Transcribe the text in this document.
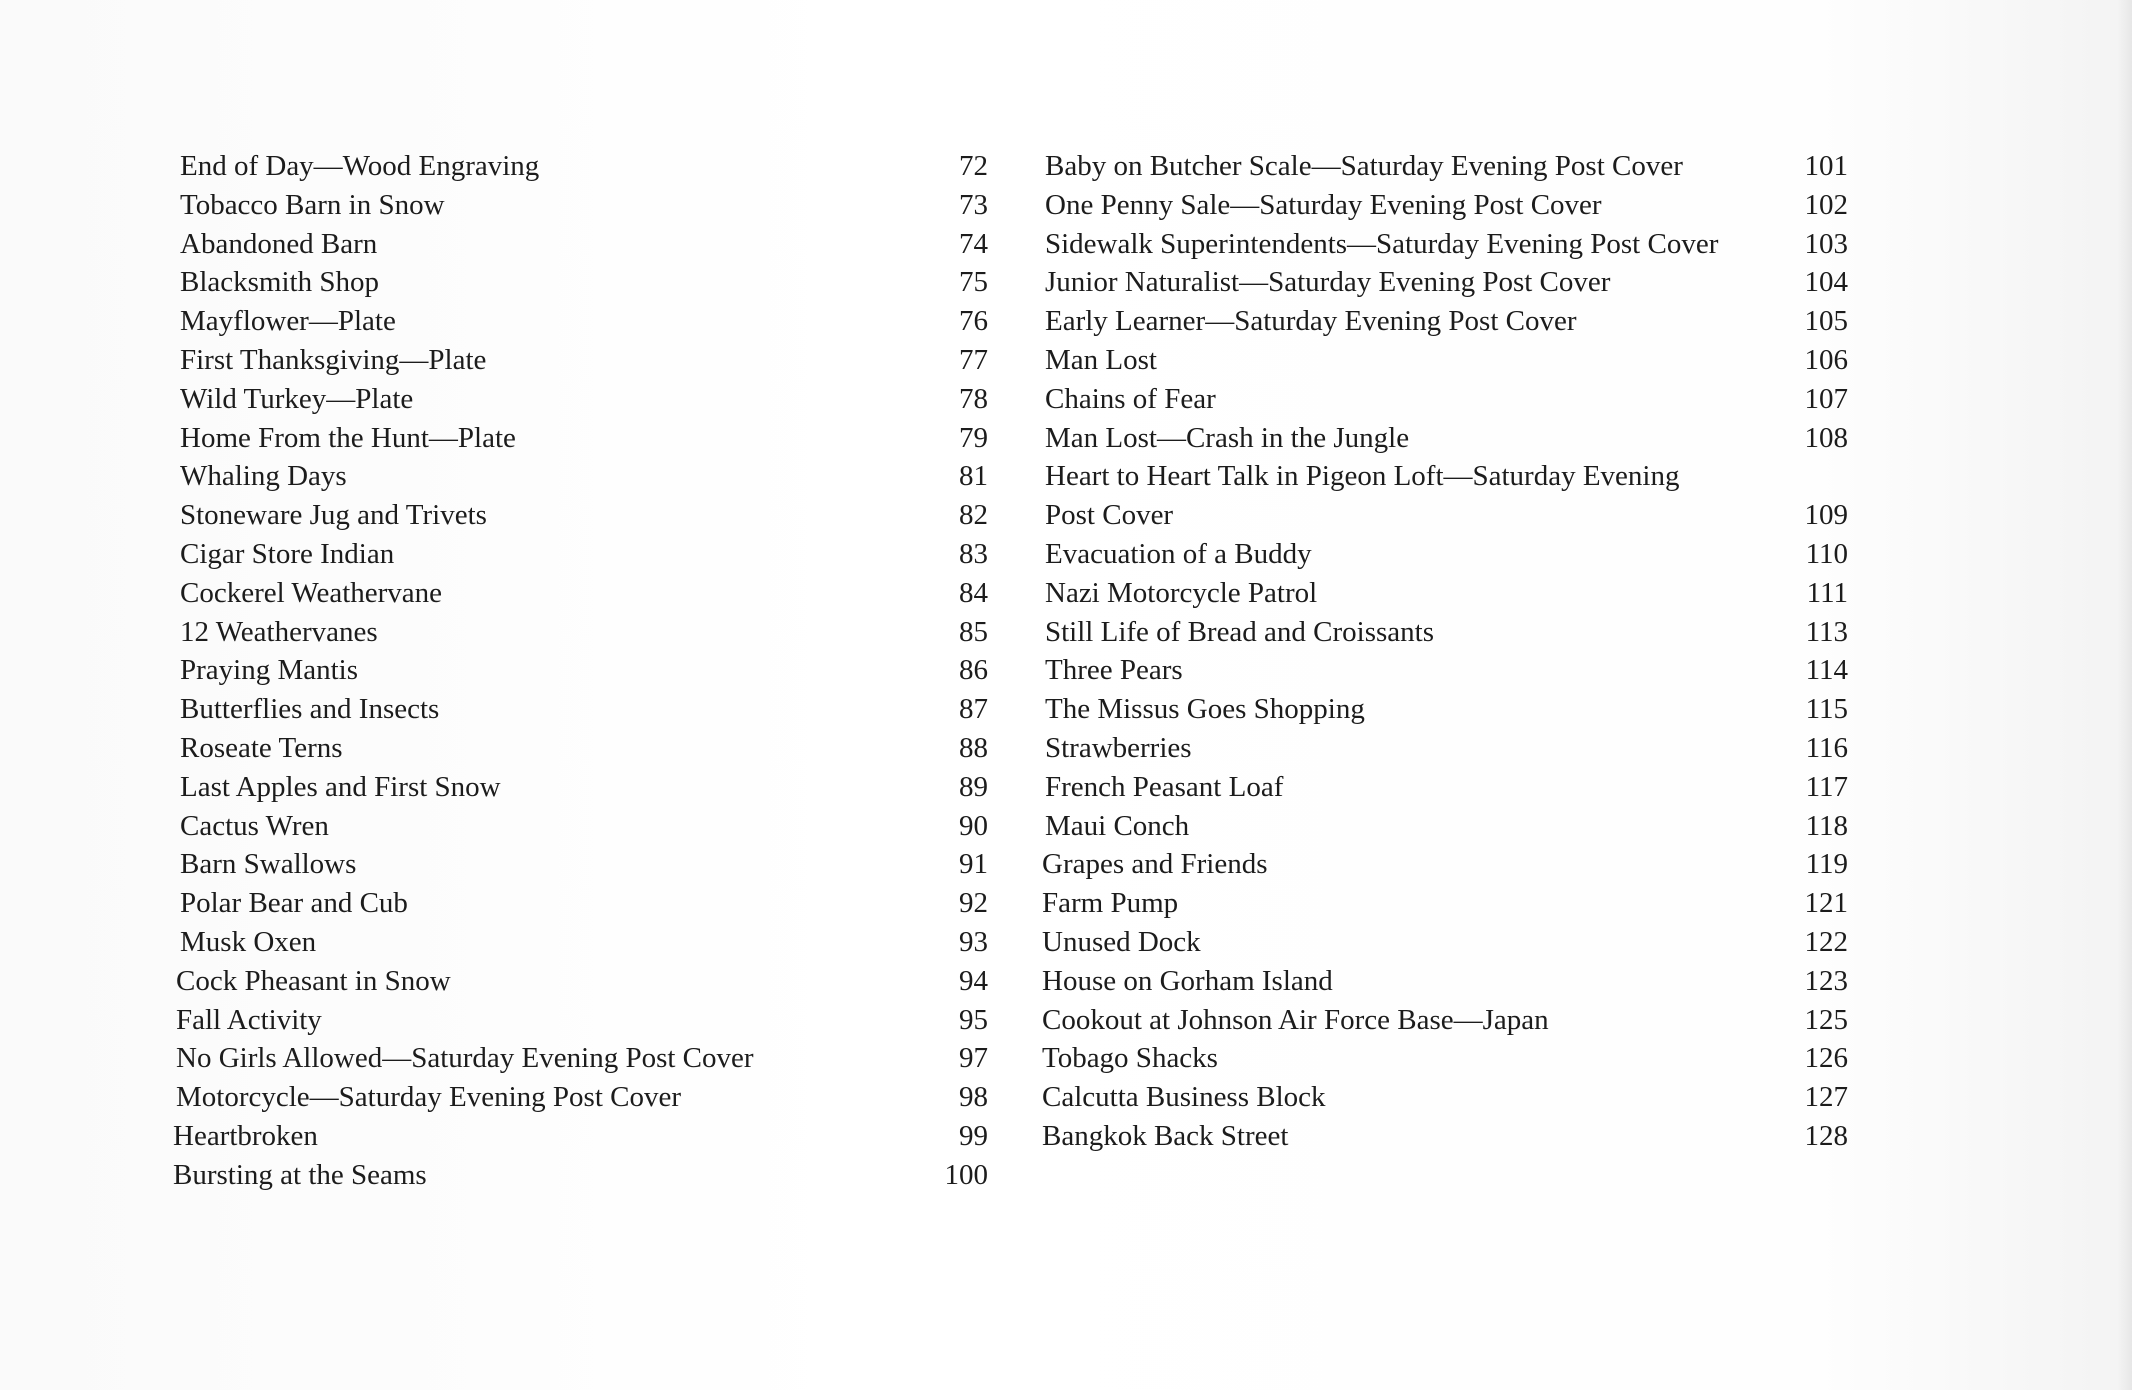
End of Day—Wood Engraving	72
Tobacco Barn in Snow	73
Abandoned Barn	74
Blacksmith Shop	75
Mayflower—Plate	76
First Thanksgiving—Plate	77
Wild Turkey—Plate	78
Home From the Hunt—Plate	79
Whaling Days	81
Stoneware Jug and Trivets	82
Cigar Store Indian	83
Cockerel Weathervane	84
12 Weathervanes	85
Praying Mantis	86
Butterflies and Insects	87
Roseate Terns	88
Last Apples and First Snow	89
Cactus Wren	90
Barn Swallows	91
Polar Bear and Cub	92
Musk Oxen	93
Cock Pheasant in Snow	94
Fall Activity	95
No Girls Allowed—Saturday Evening Post Cover	97
Motorcycle—Saturday Evening Post Cover	98
Heartbroken	99
Bursting at the Seams	100
Baby on Butcher Scale—Saturday Evening Post Cover	101
One Penny Sale—Saturday Evening Post Cover	102
Sidewalk Superintendents—Saturday Evening Post Cover	103
Junior Naturalist—Saturday Evening Post Cover	104
Early Learner—Saturday Evening Post Cover	105
Man Lost	106
Chains of Fear	107
Man Lost—Crash in the Jungle	108
Heart to Heart Talk in Pigeon Loft—Saturday Evening Post Cover	109
Evacuation of a Buddy	110
Nazi Motorcycle Patrol	111
Still Life of Bread and Croissants	113
Three Pears	114
The Missus Goes Shopping	115
Strawberries	116
French Peasant Loaf	117
Maui Conch	118
Grapes and Friends	119
Farm Pump	121
Unused Dock	122
House on Gorham Island	123
Cookout at Johnson Air Force Base—Japan	125
Tobago Shacks	126
Calcutta Business Block	127
Bangkok Back Street	128
